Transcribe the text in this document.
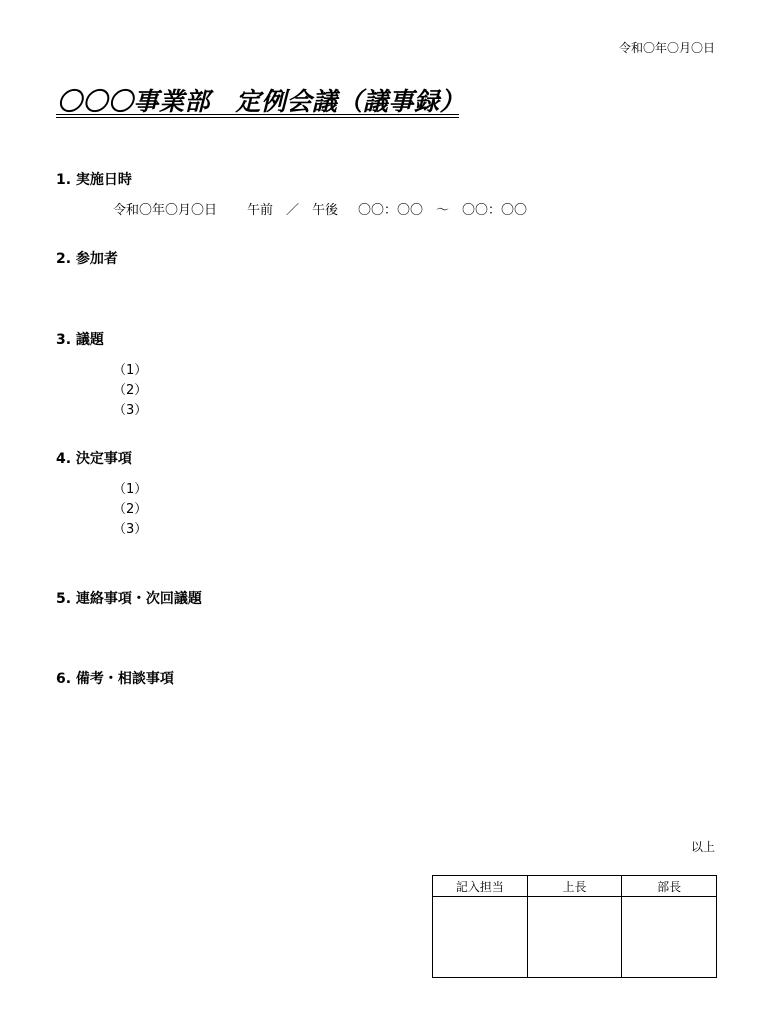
令和〇年〇月〇日
〇〇〇事業部　定例会議（議事録）
1. 実施日時
令和〇年〇月〇日 午前　／　午後 〇〇：〇〇　～　〇〇：〇〇
2. 参加者
3. 議題
（1）
（2）
（3）
4. 決定事項
（1）
（2）
（3）
5. 連絡事項・次回議題
6. 備考・相談事項
以上
記入担当	上長	部長
